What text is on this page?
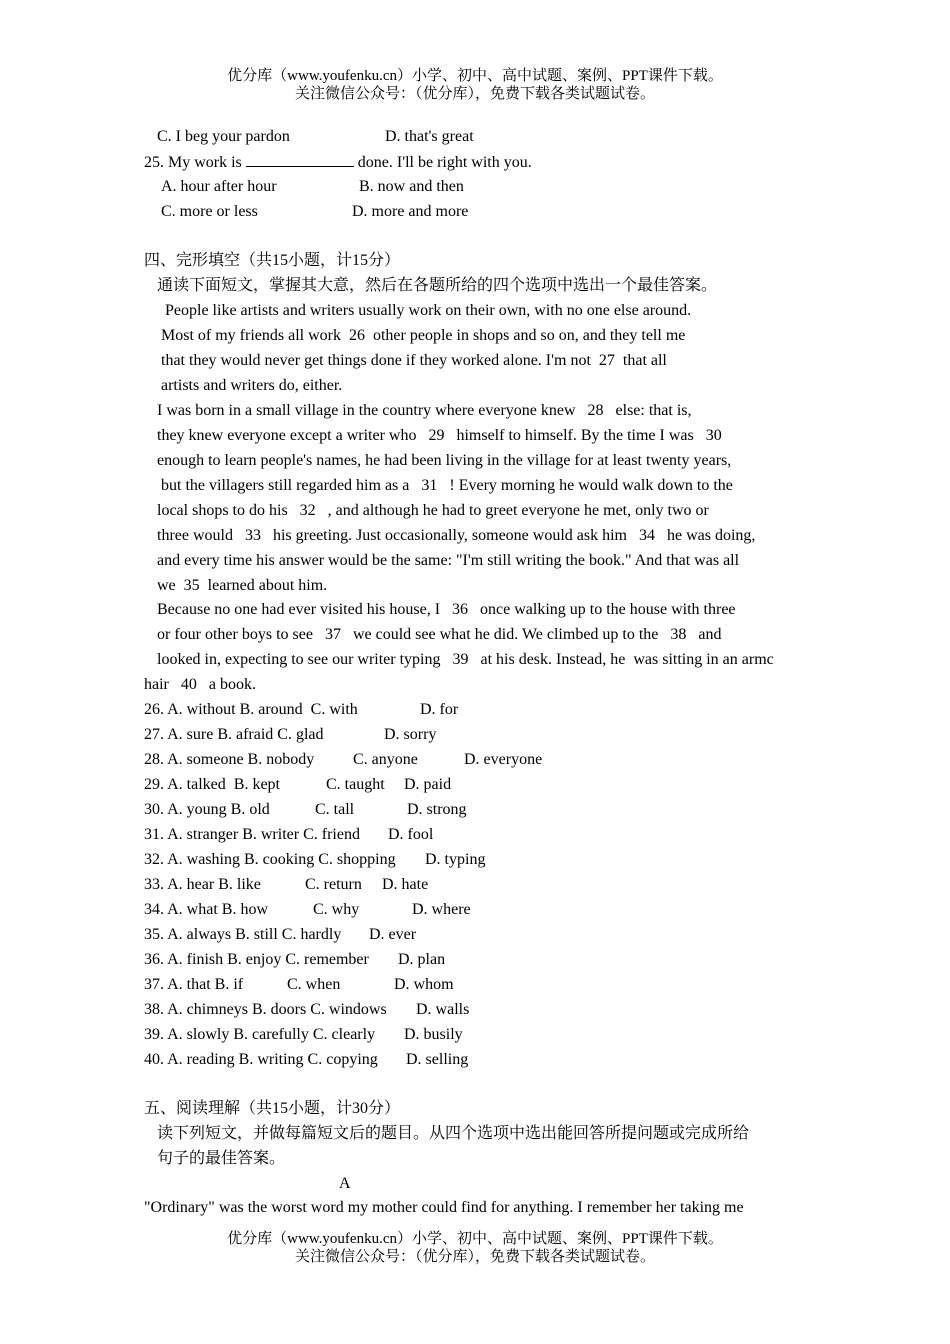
优分库（www.youfenku.cn）小学、初中、高中试题、案例、PPT课件下载。
关注微信公众号：（优分库），免费下载各类试题试卷。
C. I beg your pardon	D. that's great
25. My work is	done. I'll be right with you.
A. hour after hour	B. now and then
C. more or less	D. more and more
四、完形填空（共15小题，计15分）
通读下面短文，掌握其大意，然后在各题所给的四个选项中选出一个最佳答案。
People like artists and writers usually work on their own, with no one else around.
Most of my friends all work  26  other people in shops and so on, and they tell me
that they would never get things done if they worked alone. I'm not  27  that all
artists and writers do, either.
I was born in a small village in the country where everyone knew   28   else: that is,
they knew everyone except a writer who   29   himself to himself. By the time I was   30
enough to learn people's names, he had been living in the village for at least twenty years,
but the villagers still regarded him as a   31   ! Every morning he would walk down to the
local shops to do his   32   , and although he had to greet everyone he met, only two or
three would   33   his greeting. Just occasionally, someone would ask him   34   he was doing,
and every time his answer would be the same: "I'm still writing the book." And that was all
we  35  learned about him.
Because no one had ever visited his house, I   36   once walking up to the house with three
or four other boys to see   37   we could see what he did. We climbed up to the   38   and
looked in, expecting to see our writer typing   39   at his desk. Instead, he  was sitting in an armc
hair   40   a book.
26. A. without B. around  C. with	D. for
27. A. sure B. afraid C. glad	D. sorry
28. A. someone B. nobody C. anyone	D. everyone
29. A. talked  B. kept	C. taught D. paid
30. A. young B. old	C. tall	D. strong
31. A. stranger B. writer C. friend D. fool
32. A. washing B. cooking C. shopping D. typing
33. A. hear B. like	C. return D. hate
34. A. what B. how	C. why	D. where
35. A. always B. still C. hardly D. ever
36. A. finish B. enjoy C. remember D. plan
37. A. that B. if	C. when	D. whom
38. A. chimneys B. doors C. windows D. walls
39. A. slowly B. carefully C. clearly D. busily
40. A. reading B. writing C. copying D. selling
五、阅读理解（共15小题，计30分）
读下列短文，并做每篇短文后的题目。从四个选项中选出能回答所提问题或完成所给
句子的最佳答案。
A
"Ordinary" was the worst word my mother could find for anything. I remember her taking me
优分库（www.youfenku.cn）小学、初中、高中试题、案例、PPT课件下载。
关注微信公众号：（优分库），免费下载各类试题试卷。
